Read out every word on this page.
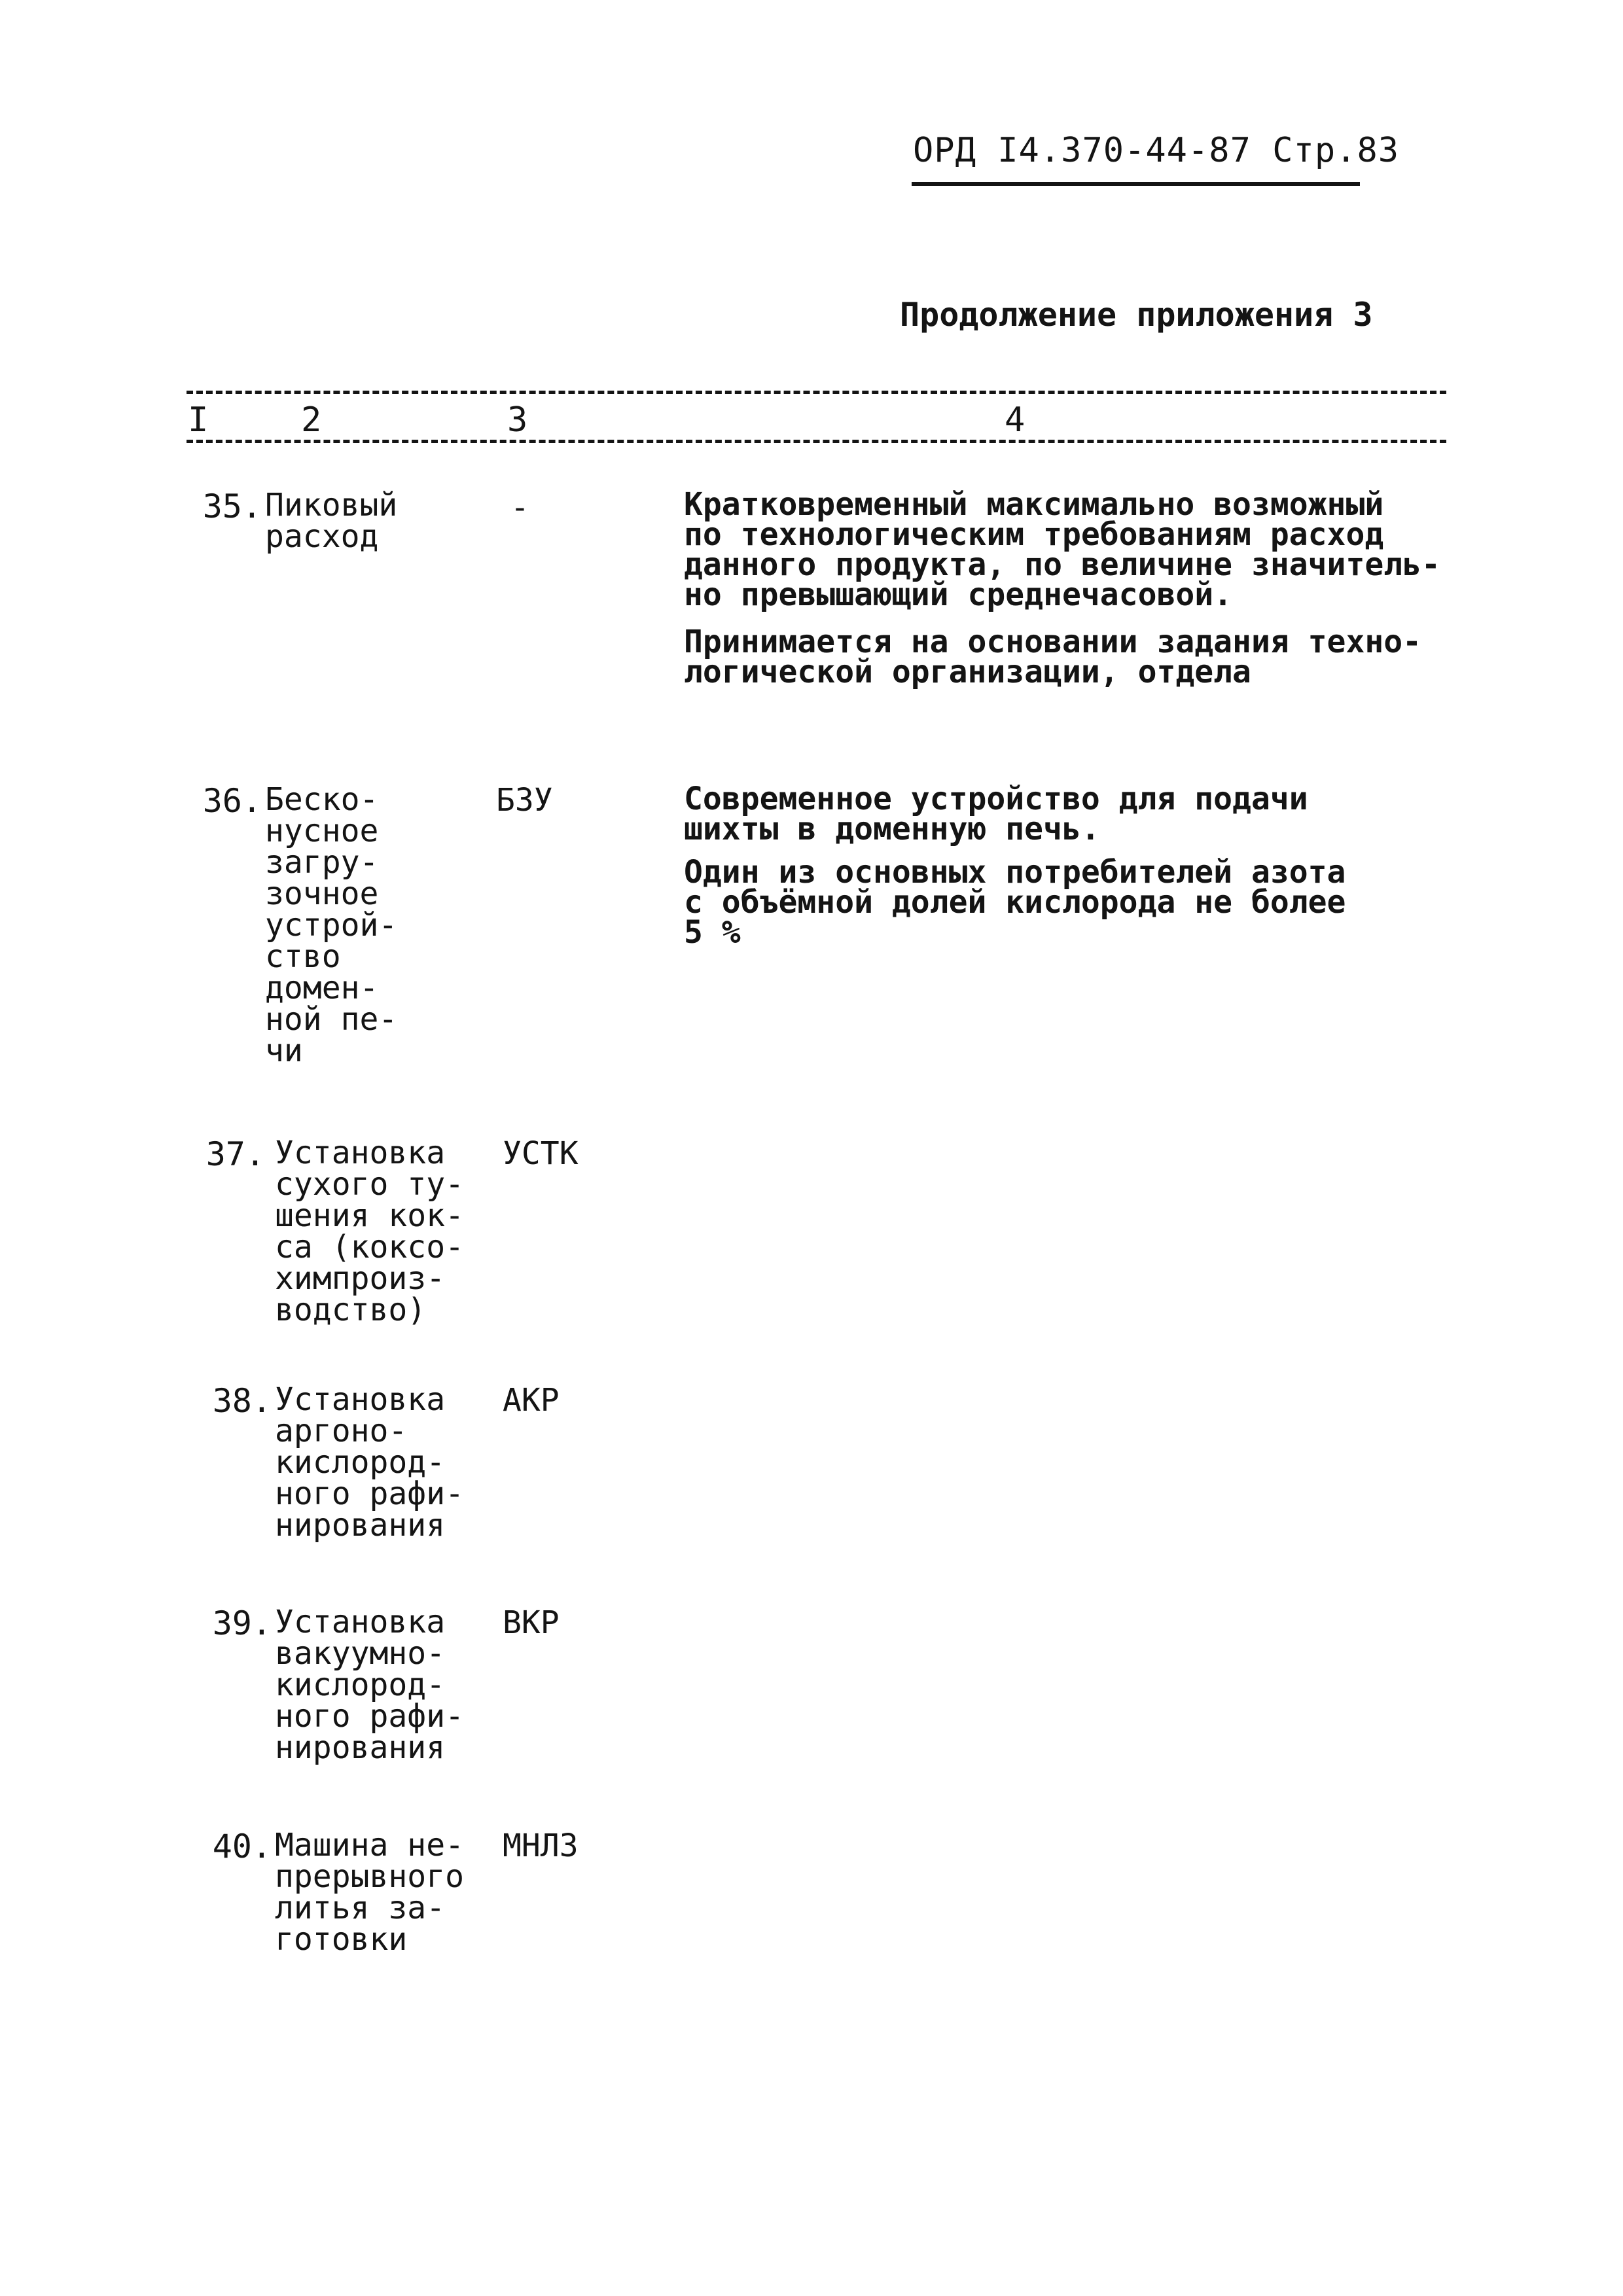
ОРД I4.370-44-87 Стр.83
Продолжение приложения 3
I	2	3	4
35. Пиковый
расход
-	Кратковременный максимально возможный
по технологическим требованиям расход
данного продукта, по величине значитель-
но превышающий среднечасовой.
Принимается на основании задания техно-
логической организации, отдела
36. Беско-
нусное
загру-
зочное
устрой-
ство
домен-
ной пе-
чи
БЗУ	Современное устройство для подачи
шихты в доменную печь.
Один из основных потребителей азота
с объёмной долей кислорода не более
5 %
37. Установка
сухого ту-
шения кок-
са (коксо-
химпроиз-
водство)
УСТК
38. Установка
аргоно-
кислород-
ного рафи-
нирования
АКР
39. Установка
вакуумно-
кислород-
ного рафи-
нирования
ВКР
40. Машина не-
прерывного
литья за-
готовки
МНЛЗ
